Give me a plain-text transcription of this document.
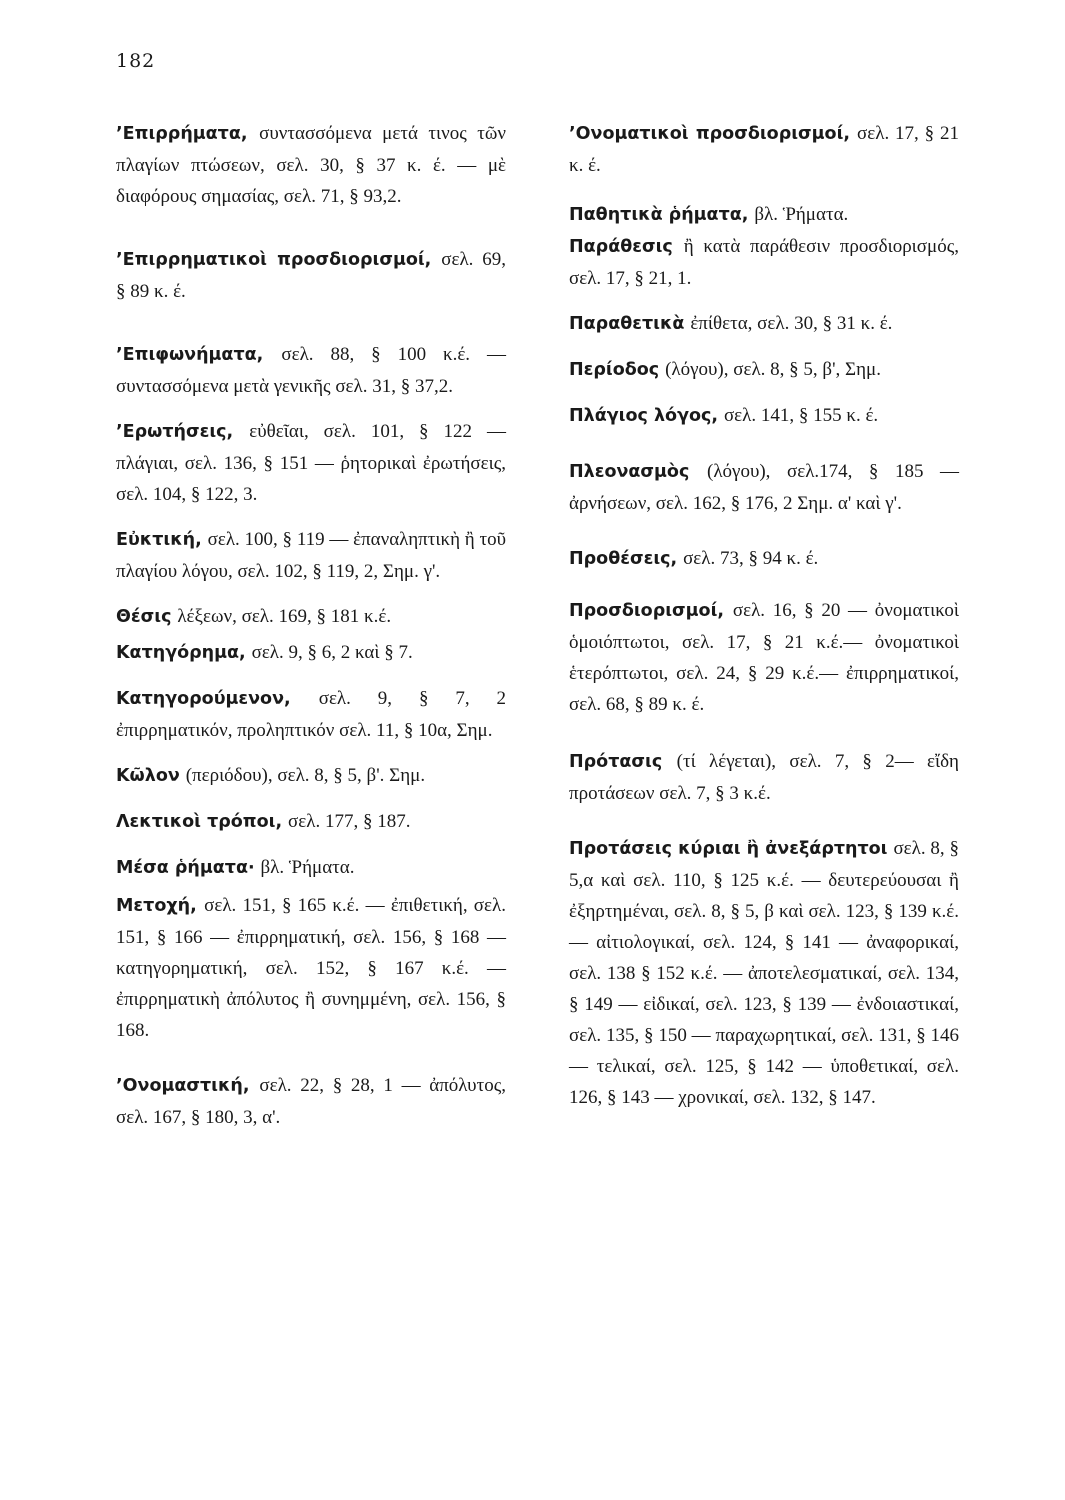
182

’Επιρρήματα, συντασσόμενα μετά τινος τῶν πλαγίων πτώσεων, σελ. 30, § 37 κ. έ. — μὲ διαφόρους σημασίας, σελ. 71, § 93,2.

’Επιρρηματικοὶ προσδιορισμοί, σελ. 69, § 89 κ. έ.

’Επιφωνήματα, σελ. 88, § 100 κ.έ. — συντασσόμενα μετὰ γενικῆς σελ. 31, § 37,2.

’Ερωτήσεις, εὐθεῖαι, σελ. 101, § 122 — πλάγιαι, σελ. 136, § 151 — ῥητορικαὶ ἐρωτήσεις, σελ. 104, § 122, 3.

Εὐκτική, σελ. 100, § 119 — ἐπαναληπτικὴ ἢ τοῦ πλαγίου λόγου, σελ. 102, § 119, 2, Σημ. γ'.

Θέσις λέξεων, σελ. 169, § 181 κ.έ.

Κατηγόρημα, σελ. 9, § 6, 2 καὶ § 7.

Κατηγορούμενον, σελ. 9, § 7, 2 ἐπιρρηματικόν, προληπτικόν σελ. 11, § 10α, Σημ.

Κῶλον (περιόδου), σελ. 8, § 5, β'. Σημ.

Λεκτικοὶ τρόποι, σελ. 177, § 187.

Μέσα ῥήματα· βλ. Ῥήματα.

Μετοχή, σελ. 151, § 165 κ.έ. — ἐπιθετική, σελ. 151, § 166 — ἐπιρρηματική, σελ. 156, § 168 — κατηγορηματική, σελ. 152, § 167 κ.έ. — ἐπιρρηματικὴ ἀπόλυτος ἢ συνημμένη, σελ. 156, § 168.

’Ονομαστική, σελ. 22, § 28, 1 — ἀπόλυτος, σελ. 167, § 180, 3, α'.

’Ονοματικοὶ προσδιορισμοί, σελ. 17, § 21 κ. έ.

Παθητικὰ ῥήματα, βλ. Ῥήματα.

Παράθεσις ἢ κατὰ παράθεσιν προσδιορισμός, σελ. 17, § 21, 1.

Παραθετικὰ ἐπίθετα, σελ. 30, § 31 κ. έ.

Περίοδος (λόγου), σελ. 8, § 5, β', Σημ.

Πλάγιος λόγος, σελ. 141, § 155 κ. έ.

Πλεονασμὸς (λόγου), σελ.174, § 185 — ἀρνήσεων, σελ. 162, § 176, 2 Σημ. α' καὶ γ'.

Προθέσεις, σελ. 73, § 94 κ. έ.

Προσδιορισμοί, σελ. 16, § 20 — ὀνοματικοὶ ὁμοιόπτωτοι, σελ. 17, § 21 κ.έ.— ὀνοματικοὶ ἑτερόπτωτοι, σελ. 24, § 29 κ.έ.— ἐπιρρηματικοί, σελ. 68, § 89 κ. έ.

Πρότασις (τί λέγεται), σελ. 7, § 2— εἴδη προτάσεων σελ. 7, § 3 κ.έ.

Προτάσεις κύριαι ἢ ἀνεξάρτητοι σελ. 8, § 5,α καὶ σελ. 110, § 125 κ.έ. — δευτερεύουσαι ἢ ἐξηρτημέναι, σελ. 8, § 5, β καὶ σελ. 123, § 139 κ.έ. — αἰτιολογικαί, σελ. 124, § 141 — ἀναφορικαί, σελ. 138 § 152 κ.έ. — ἀποτελεσματικαί, σελ. 134, § 149 — εἰδικαί, σελ. 123, § 139 — ἐνδοιαστικαί, σελ. 135, § 150 — παραχωρητικαί, σελ. 131, § 146 — τελικαί, σελ. 125, § 142 — ὑποθετικαί, σελ. 126, § 143 — χρονικαί, σελ. 132, § 147.
